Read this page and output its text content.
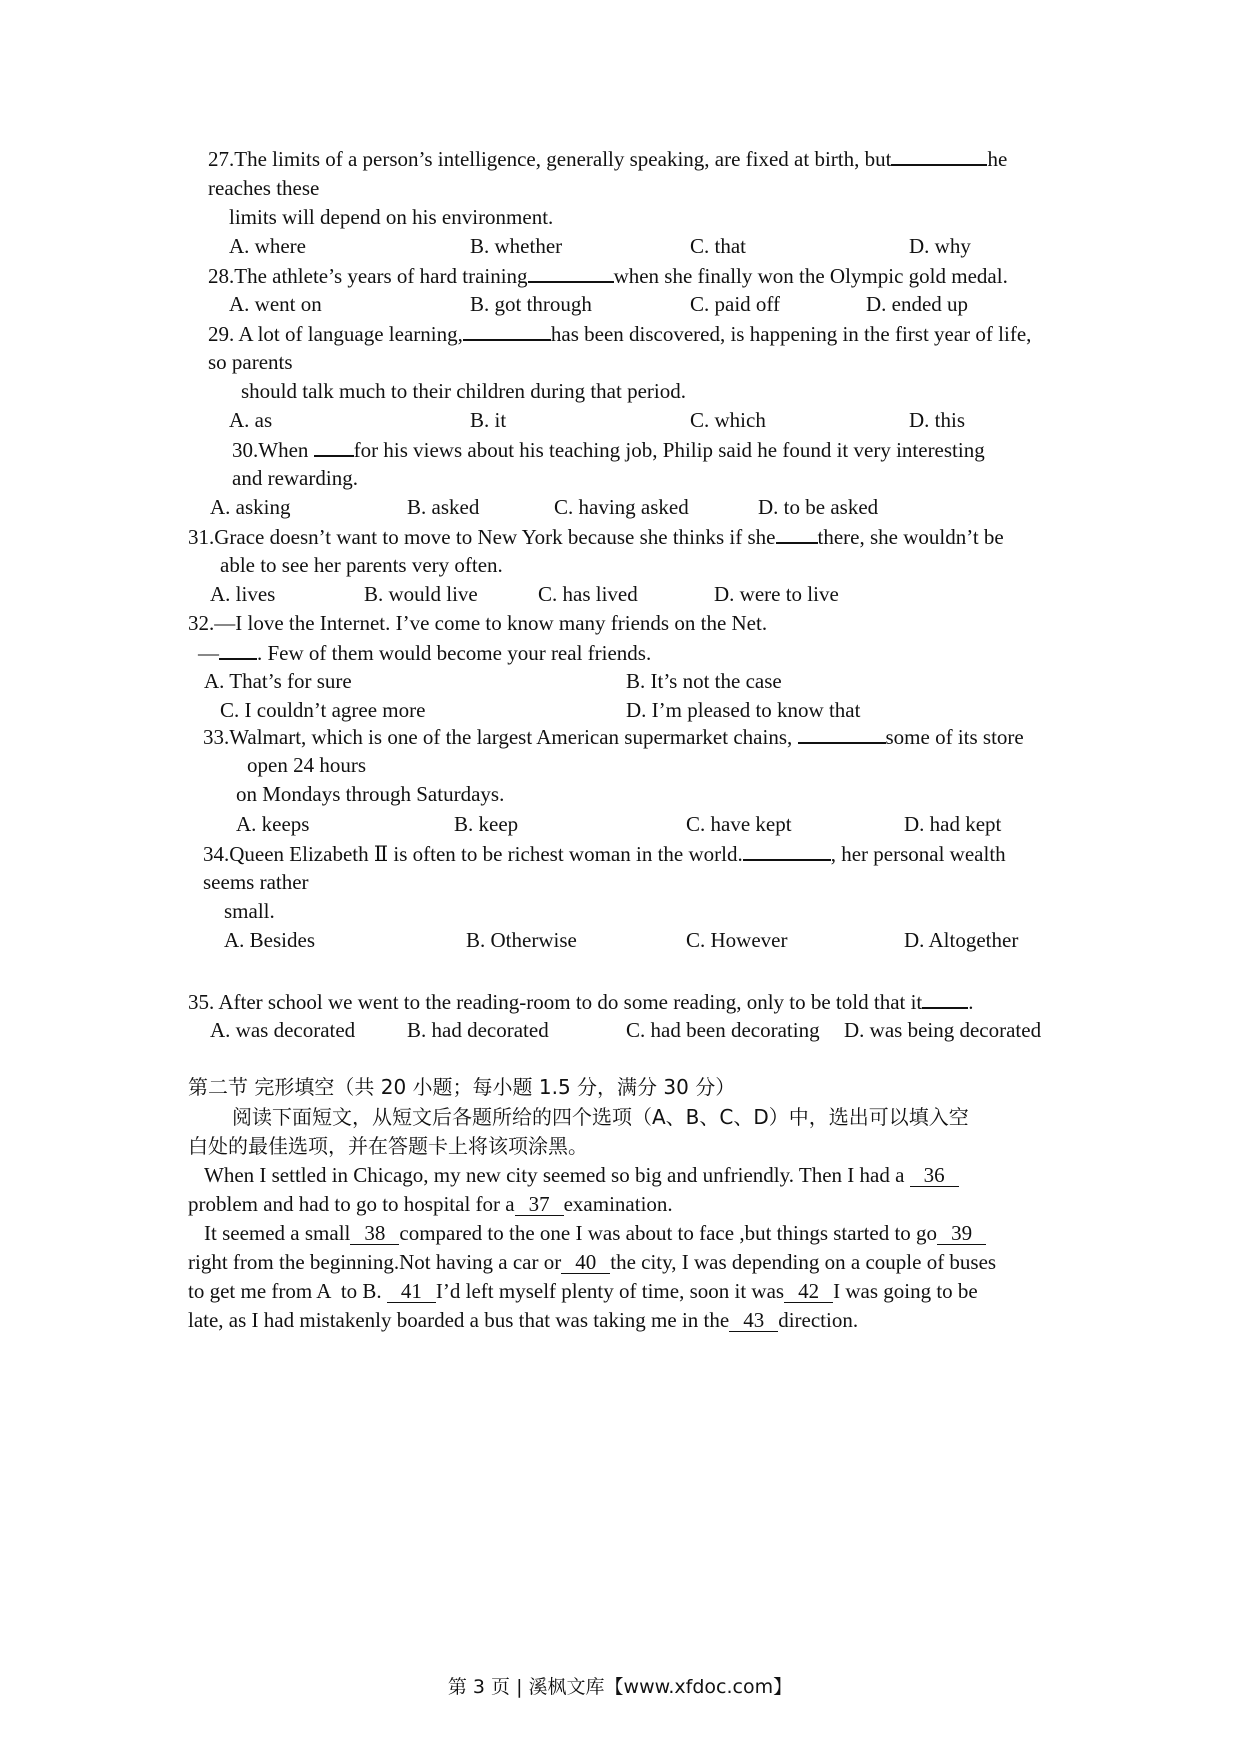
27.The limits of a person’s intelligence, generally speaking, are fixed at birth, but	he
reaches these
limits will depend on his environment.
A. where	B. whether	C. that	D. why
28.The athlete’s years of hard training	when she finally won the Olympic gold medal.
A. went on	B. got through	C. paid off	D. ended up
29. A lot of language learning,	has been discovered, is happening in the first year of life,
so parents
should talk much to their children during that period.
A. as	B. it	C. which	D. this
30.When for his views about his teaching job, Philip said he found it very interesting
and rewarding.
A. asking	B. asked	C. having asked	D. to be asked
31.Grace doesn’t want to move to New York because she thinks if she there, she wouldn’t be
able to see her parents very often.
A. lives	B. would live	C. has lived	D. were to live
32.—I love the Internet. I’ve come to know many friends on the Net.
— . Few of them would become your real friends.
A. That’s for sure	B. It’s not the case
C. I couldn’t agree more	D. I’m pleased to know that
33.Walmart, which is one of the largest American supermarket chains,	some of its store
open 24 hours
on Mondays through Saturdays.
A. keeps	B. keep	C. have kept	D. had kept
34.Queen Elizabeth Ⅱ is often to be richest woman in the world.	, her personal wealth
seems rather
small.
A. Besides	B. Otherwise	C. However	D. Altogether
35. After school we went to the reading-room to do some reading, only to be told that it .
A. was decorated B. had decorated	C. had been decorating D. was being decorated
第二节 完形填空（共 20 小题；每小题 1.5 分，满分 30 分）
阅读下面短文，从短文后各题所给的四个选项（A、B、C、D）中，选出可以填入空
白处的最佳选项，并在答题卡上将该项涂黑。
When I settled in Chicago, my new city seemed so big and unfriendly. Then I had a 36
problem and had to go to hospital for a 37 examination.
It seemed a small 38 compared to the one I was about to face ,but things started to go 39
right from the beginning.Not having a car or 40 the city, I was depending on a couple of buses
to get me from A  to B. 41 I’d left myself plenty of time, soon it was 42 I was going to be
late, as I had mistakenly boarded a bus that was taking me in the 43 direction.
第 3 页 | 溪枫文库【www.xfdoc.com】
